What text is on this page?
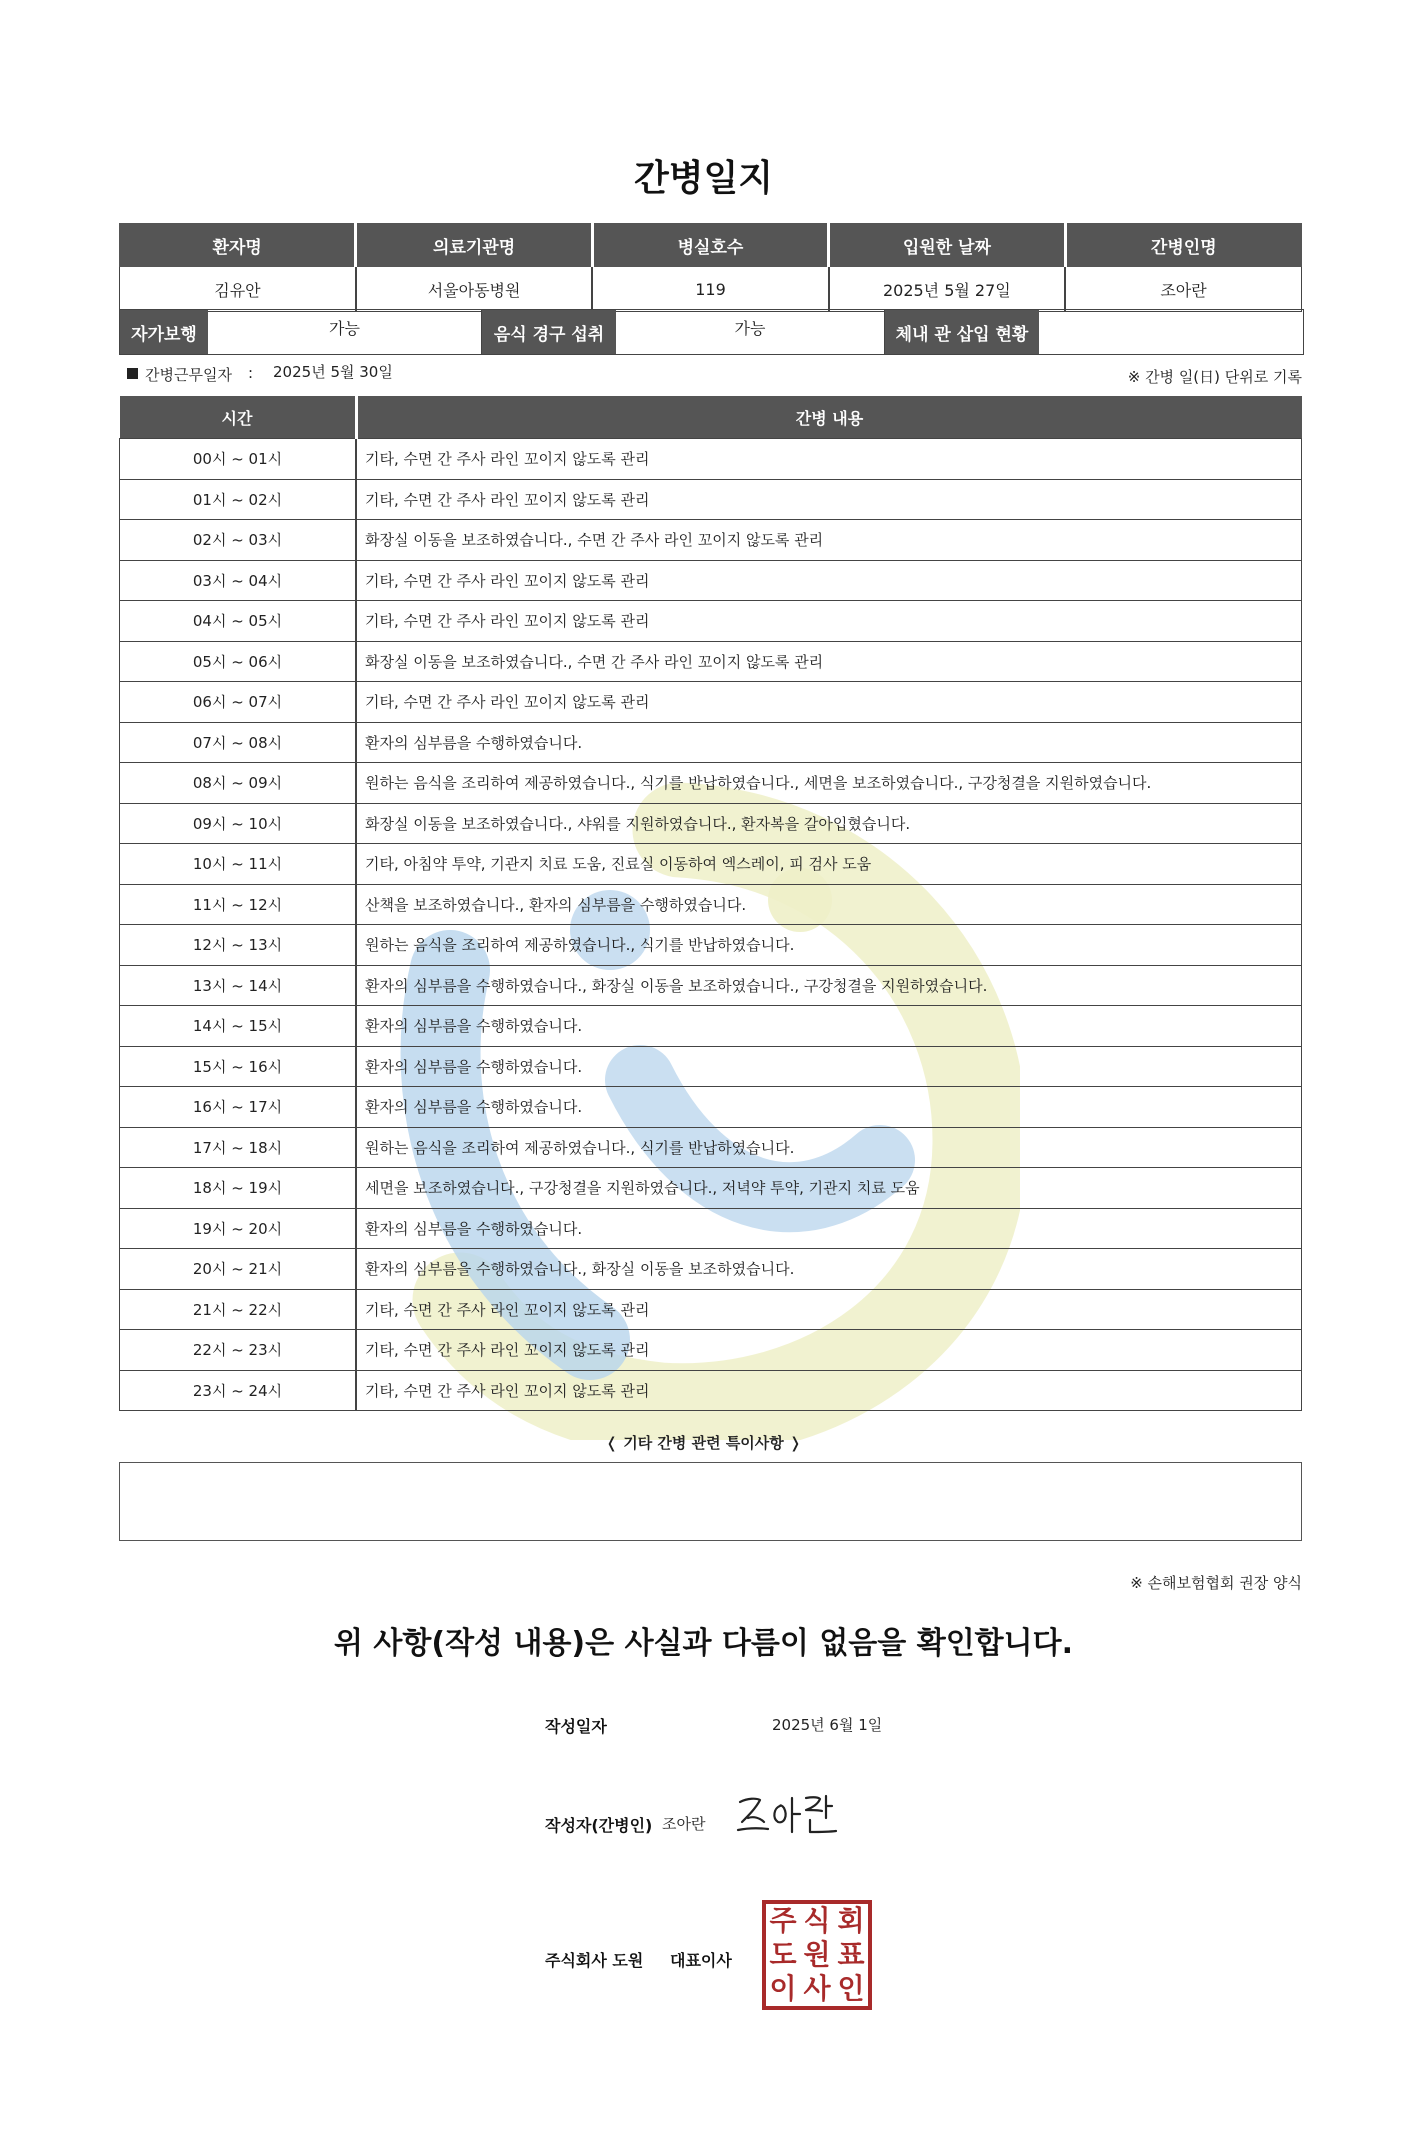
간병일지
환자명	의료기관명	병실호수	입원한 날짜	간병인명
김유안	서울아동병원	119	2025년 5월 27일	조아란
자가보행	가능	음식 경구 섭취	가능	체내 관 삽입 현황
간병근무일자 : 2025년 5월 30일	※ 간병 일(日) 단위로 기록
시간	간병 내용
00시 ~ 01시	기타, 수면 간 주사 라인 꼬이지 않도록 관리
01시 ~ 02시	기타, 수면 간 주사 라인 꼬이지 않도록 관리
02시 ~ 03시	화장실 이동을 보조하였습니다., 수면 간 주사 라인 꼬이지 않도록 관리
03시 ~ 04시	기타, 수면 간 주사 라인 꼬이지 않도록 관리
04시 ~ 05시	기타, 수면 간 주사 라인 꼬이지 않도록 관리
05시 ~ 06시	화장실 이동을 보조하였습니다., 수면 간 주사 라인 꼬이지 않도록 관리
06시 ~ 07시	기타, 수면 간 주사 라인 꼬이지 않도록 관리
07시 ~ 08시	환자의 심부름을 수행하였습니다.
08시 ~ 09시	원하는 음식을 조리하여 제공하였습니다., 식기를 반납하였습니다., 세면을 보조하였습니다., 구강청결을 지원하였습니다.
09시 ~ 10시	화장실 이동을 보조하였습니다., 샤워를 지원하였습니다., 환자복을 갈아입혔습니다.
10시 ~ 11시	기타, 아침약 투약, 기관지 치료 도움, 진료실 이동하여 엑스레이, 피 검사 도움
11시 ~ 12시	산책을 보조하였습니다., 환자의 심부름을 수행하였습니다.
12시 ~ 13시	원하는 음식을 조리하여 제공하였습니다., 식기를 반납하였습니다.
13시 ~ 14시	환자의 심부름을 수행하였습니다., 화장실 이동을 보조하였습니다., 구강청결을 지원하였습니다.
14시 ~ 15시	환자의 심부름을 수행하였습니다.
15시 ~ 16시	환자의 심부름을 수행하였습니다.
16시 ~ 17시	환자의 심부름을 수행하였습니다.
17시 ~ 18시	원하는 음식을 조리하여 제공하였습니다., 식기를 반납하였습니다.
18시 ~ 19시	세면을 보조하였습니다., 구강청결을 지원하였습니다., 저녁약 투약, 기관지 치료 도움
19시 ~ 20시	환자의 심부름을 수행하였습니다.
20시 ~ 21시	환자의 심부름을 수행하였습니다., 화장실 이동을 보조하였습니다.
21시 ~ 22시	기타, 수면 간 주사 라인 꼬이지 않도록 관리
22시 ~ 23시	기타, 수면 간 주사 라인 꼬이지 않도록 관리
23시 ~ 24시	기타, 수면 간 주사 라인 꼬이지 않도록 관리
❬ 기타 간병 관련 특이사항 ❭
※ 손해보험협회 권장 양식
위 사항(작성 내용)은 사실과 다름이 없음을 확인합니다.
작성일자	2025년 6월 1일
작성자(간병인) 조아란
주식회사 도원 대표이사
주 식 회
도 원 표
이 사 인
